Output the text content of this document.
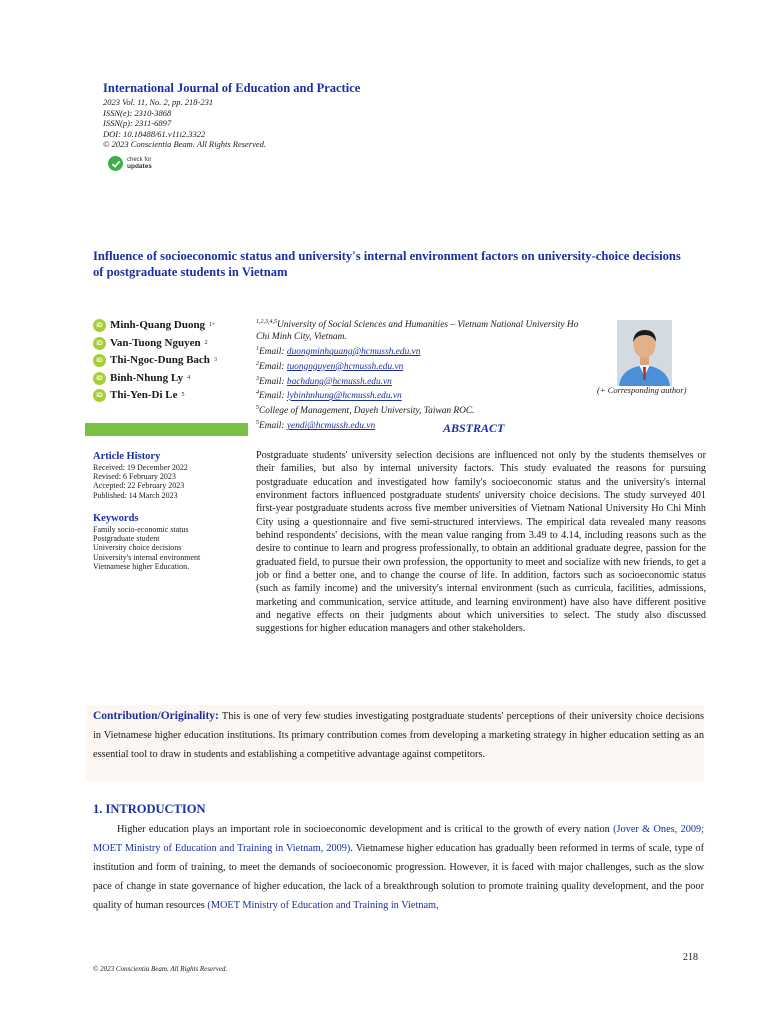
International Journal of Education and Practice
2023 Vol. 11, No. 2, pp. 218-231
ISSN(e): 2310-3868
ISSN(p): 2311-6897
DOI: 10.18488/61.v11i2.3322
© 2023 Conscientia Beam. All Rights Reserved.
check for
updates
Influence of socioeconomic status and university's internal environment factors on university-choice decisions of postgraduate students in Vietnam
iD Minh-Quang Duong 1+
iD Van-Tuong Nguyen 2
iD Thi-Ngoc-Dung Bach 3
iD Binh-Nhung Ly 4
iD Thi-Yen-Di Le 5
$^{1,2,3,4,5}$University of Social Sciences and Humanities – Vietnam National University Ho Chi Minh City, Vietnam.
$^1$Email: duongminhquang@hcmussh.edu.vn
$^2$Email: tuongnguyen@hcmussh.edu.vn
$^3$Email: bachdung@hcmussh.edu.vn
$^4$Email: lybinhnhung@hcmussh.edu.vn
$^5$College of Management, Dayeh University, Taiwan ROC.
$^5$Email: yendi@hcmussh.edu.vn
(+ Corresponding author)
ABSTRACT
Article History
Received: 19 December 2022
Revised: 6 February 2023
Accepted: 22 February 2023
Published: 14 March 2023
Keywords
Family socio-economic status
Postgraduate student
University choice decisions
University's internal environment
Vietnamese higher Education.
Postgraduate students' university selection decisions are influenced not only by the students themselves or their families, but also by internal university factors. This study evaluated the reasons for pursuing postgraduate education and investigated how family's socioeconomic status and the university's internal environment factors influenced postgraduate students' university choice decisions. The study surveyed 401 first-year postgraduate students across five member universities of Vietnam National University Ho Chi Minh City using a questionnaire and five semi-structured interviews. The empirical data revealed many reasons behind respondents' decisions, with the mean value ranging from 3.49 to 4.14, including reasons such as the desire to continue to learn and progress professionally, to obtain an additional graduate degree, passion for the graduated field, to pursue their own profession, the opportunity to meet and socialize with new friends, to get a job or find a better one, and to change the course of life. In addition, factors such as socioeconomic status (such as family income) and the university's internal environment (such as curricula, facilities, admissions, marketing and communication, service attitude, and learning environment) have also have different positive and negative effects on their judgments about which universities to select. The study also discussed suggestions for higher education managers and other stakeholders.
Contribution/Originality: This is one of very few studies investigating postgraduate students' perceptions of their university choice decisions in Vietnamese higher education institutions. Its primary contribution comes from developing a marketing strategy in higher education setting as an essential tool to draw in students and establishing a competitive advantage against competitors.
1. INTRODUCTION

Higher education plays an important role in socioeconomic development and is critical to the growth of every nation (Jover & Ones, 2009; MOET Ministry of Education and Training in Vietnam, 2009). Vietnamese higher education has gradually been reformed in terms of scale, type of institution and form of training, to meet the demands of socioeconomic progression. However, it is faced with major challenges, such as the slow pace of change in state governance of higher education, the lack of a breakthrough solution to promote training quality development, and the poor quality of human resources (MOET Ministry of Education and Training in Vietnam,

218
© 2023 Conscientia Beam. All Rights Reserved.
